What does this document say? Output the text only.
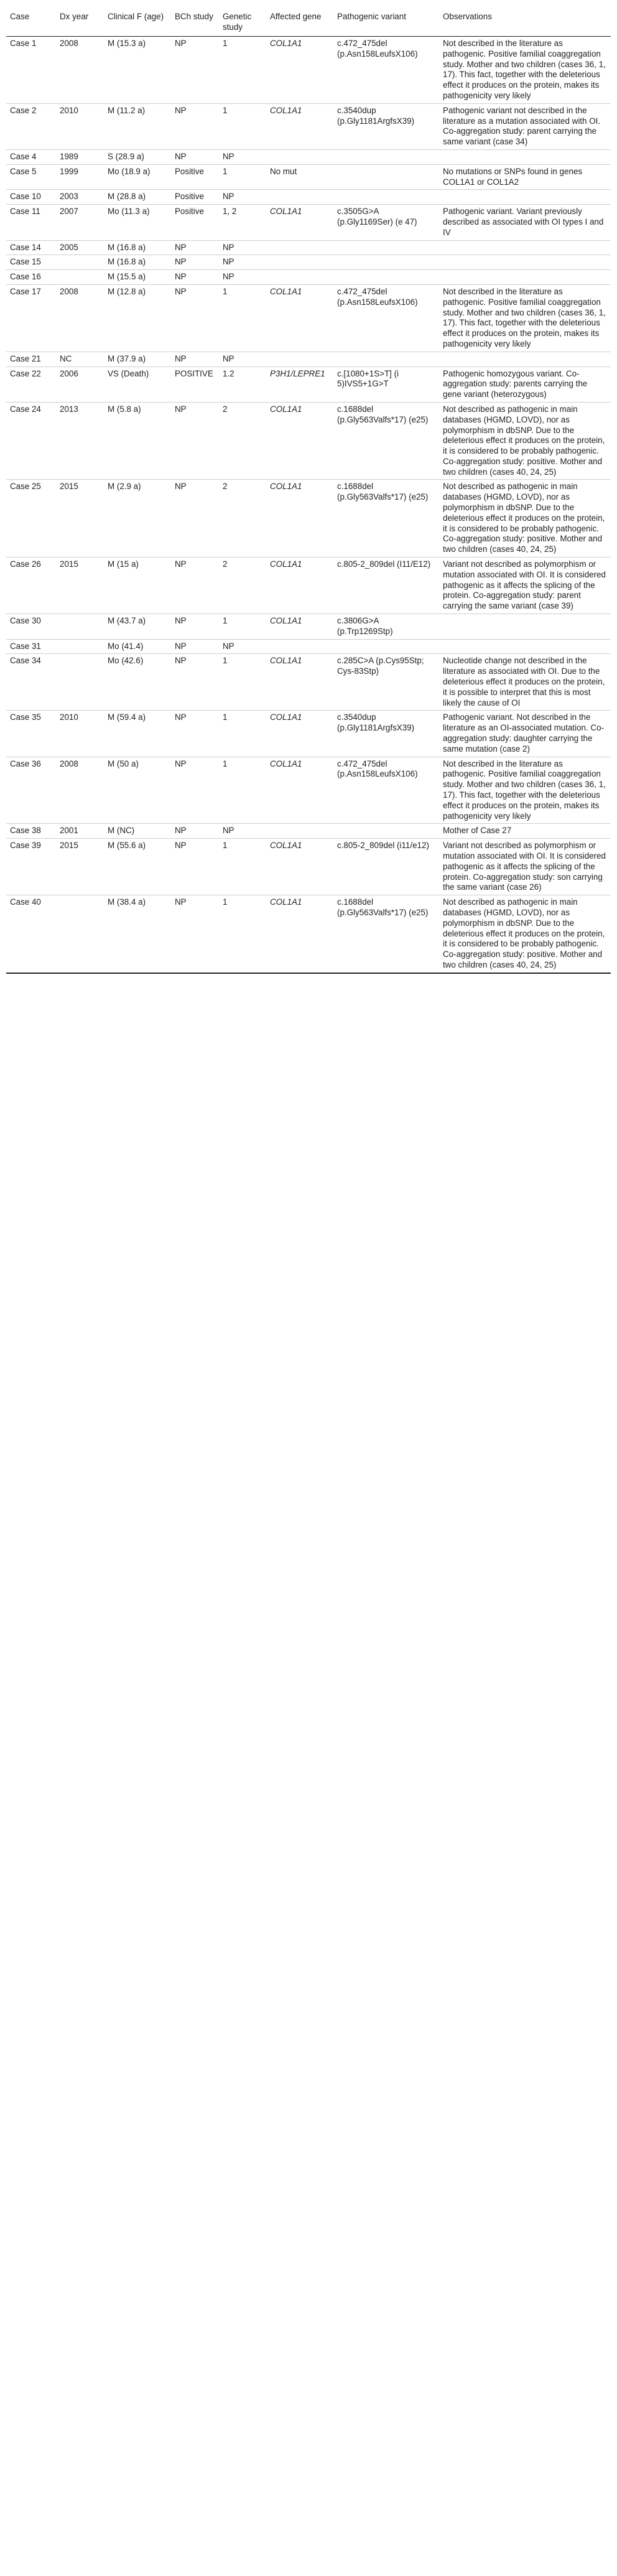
Case	Dx year	Clinical F (age)	BCh study	Genetic study	Affected gene	Pathogenic variant	Observations
Case 1	2008	M (15.3 a)	NP	1	COL1A1	c.472_475del (p.Asn158LeufsX106)	Not described in the literature as pathogenic. Positive familial coaggregation study. Mother and two children (cases 36, 1, 17). This fact, together with the deleterious effect it produces on the protein, makes its pathogenicity very likely
Case 2	2010	M (11.2 a)	NP	1	COL1A1	c.3540dup (p.Gly1181ArgfsX39)	Pathogenic variant not described in the literature as a mutation associated with OI. Co-aggregation study: parent carrying the same variant (case 34)
Case 4	1989	S (28.9 a)	NP	NP			
Case 5	1999	Mo (18.9 a)	Positive	1	No mut		No mutations or SNPs found in genes COL1A1 or COL1A2
Case 10	2003	M (28.8 a)	Positive	NP			
Case 11	2007	Mo (11.3 a)	Positive	1, 2	COL1A1	c.3505G>A (p.Gly1169Ser) (e 47)	Pathogenic variant. Variant previously described as associated with OI types I and IV
Case 14	2005	M (16.8 a)	NP	NP			
Case 15		M (16.8 a)	NP	NP			
Case 16		M (15.5 a)	NP	NP			
Case 17	2008	M (12.8 a)	NP	1	COL1A1	c.472_475del (p.Asn158LeufsX106)	Not described in the literature as pathogenic. Positive familial coaggregation study. Mother and two children (cases 36, 1, 17). This fact, together with the deleterious effect it produces on the protein, makes its pathogenicity very likely
Case 21	NC	M (37.9 a)	NP	NP			
Case 22	2006	VS (Death)	POSITIVE	1.2	P3H1/LEPRE1	c.[1080+1S>T] (i 5)IVS5+1G>T	Pathogenic homozygous variant. Co-aggregation study: parents carrying the gene variant (heterozygous)
Case 24	2013	M (5.8 a)	NP	2	COL1A1	c.1688del (p.Gly563Valfs*17) (e25)	Not described as pathogenic in main databases (HGMD, LOVD), nor as polymorphism in dbSNP. Due to the deleterious effect it produces on the protein, it is considered to be probably pathogenic. Co-aggregation study: positive. Mother and two children (cases 40, 24, 25)
Case 25	2015	M (2.9 a)	NP	2	COL1A1	c.1688del (p.Gly563Valfs*17) (e25)	Not described as pathogenic in main databases (HGMD, LOVD), nor as polymorphism in dbSNP. Due to the deleterious effect it produces on the protein, it is considered to be probably pathogenic. Co-aggregation study: positive. Mother and two children (cases 40, 24, 25)
Case 26	2015	M (15 a)	NP	2	COL1A1	c.805-2_809del (I11/E12)	Variant not described as polymorphism or mutation associated with OI. It is considered pathogenic as it affects the splicing of the protein. Co-aggregation study: parent carrying the same variant (case 39)
Case 30		M (43.7 a)	NP	1	COL1A1	c.3806G>A (p.Trp1269Stp)	
Case 31		Mo (41.4)	NP	NP			
Case 34		Mo (42.6)	NP	1	COL1A1	c.285C>A (p.Cys95Stp; Cys-83Stp)	Nucleotide change not described in the literature as associated with OI. Due to the deleterious effect it produces on the protein, it is possible to interpret that this is most likely the cause of OI
Case 35	2010	M (59.4 a)	NP	1	COL1A1	c.3540dup (p.Gly1181ArgfsX39)	Pathogenic variant. Not described in the literature as an OI-associated mutation. Co-aggregation study: daughter carrying the same mutation (case 2)
Case 36	2008	M (50 a)	NP	1	COL1A1	c.472_475del (p.Asn158LeufsX106)	Not described in the literature as pathogenic. Positive familial coaggregation study. Mother and two children (cases 36, 1, 17). This fact, together with the deleterious effect it produces on the protein, makes its pathogenicity very likely
Case 38	2001	M (NC)	NP	NP			Mother of Case 27
Case 39	2015	M (55.6 a)	NP	1	COL1A1	c.805-2_809del (i11/e12)	Variant not described as polymorphism or mutation associated with OI. It is considered pathogenic as it affects the splicing of the protein. Co-aggregation study: son carrying the same variant (case 26)
Case 40		M (38.4 a)	NP	1	COL1A1	c.1688del (p.Gly563Valfs*17) (e25)	Not described as pathogenic in main databases (HGMD, LOVD), nor as polymorphism in dbSNP. Due to the deleterious effect it produces on the protein, it is considered to be probably pathogenic. Co-aggregation study: positive. Mother and two children (cases 40, 24, 25)
